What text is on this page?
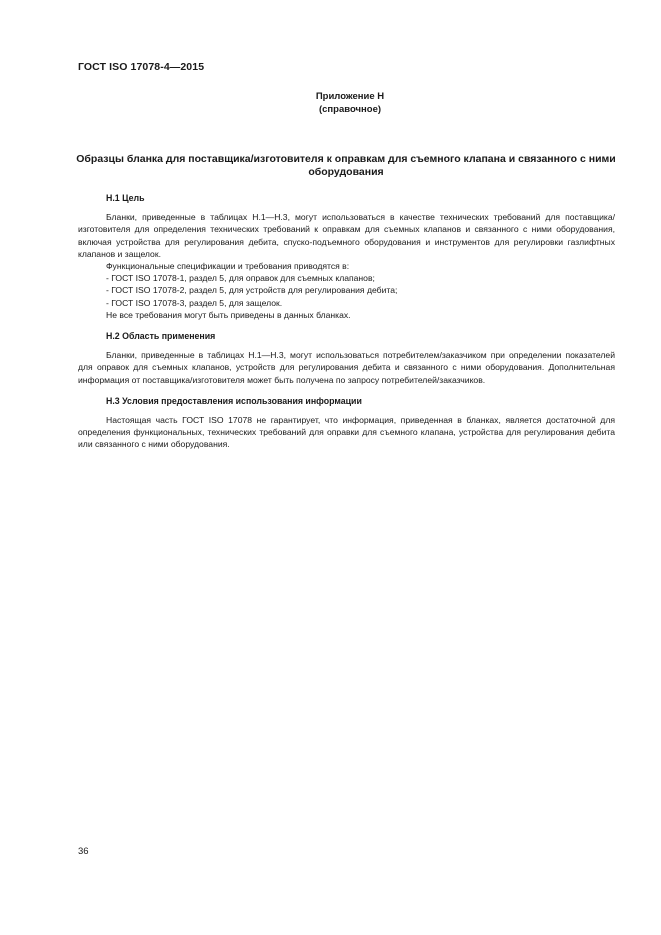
ГОСТ ISO 17078-4—2015
Приложение Н
(справочное)
Образцы бланка для поставщика/изготовителя к оправкам для съемного клапана и связанного с ними оборудования
Н.1 Цель

Бланки, приведенные в таблицах Н.1—Н.3, могут использоваться в качестве технических требований для поставщика/изготовителя для определения технических требований к оправкам для съемных клапанов и связанного с ними оборудования, включая устройства для регулирования дебита, спуско-подъемного оборудования и инструментов для регулировки газлифтных клапанов и защелок.

Функциональные спецификации и требования приводятся в:

- ГОСТ ISO 17078-1, раздел 5, для оправок для съемных клапанов;

- ГОСТ ISO 17078-2, раздел 5, для устройств для регулирования дебита;

- ГОСТ ISO 17078-3, раздел 5, для защелок.

Не все требования могут быть приведены в данных бланках.

Н.2 Область применения

Бланки, приведенные в таблицах Н.1—Н.3, могут использоваться потребителем/заказчиком при определении показателей для оправок для съемных клапанов, устройств для регулирования дебита и связанного с ними оборудования. Дополнительная информация от поставщика/изготовителя может быть получена по запросу потребителей/заказчиков.

Н.3 Условия предоставления использования информации

Настоящая часть ГОСТ ISO 17078 не гарантирует, что информация, приведенная в бланках, является достаточной для определения функциональных, технических требований для оправки для съемного клапана, устройства для регулирования дебита или связанного с ними оборудования.

36
